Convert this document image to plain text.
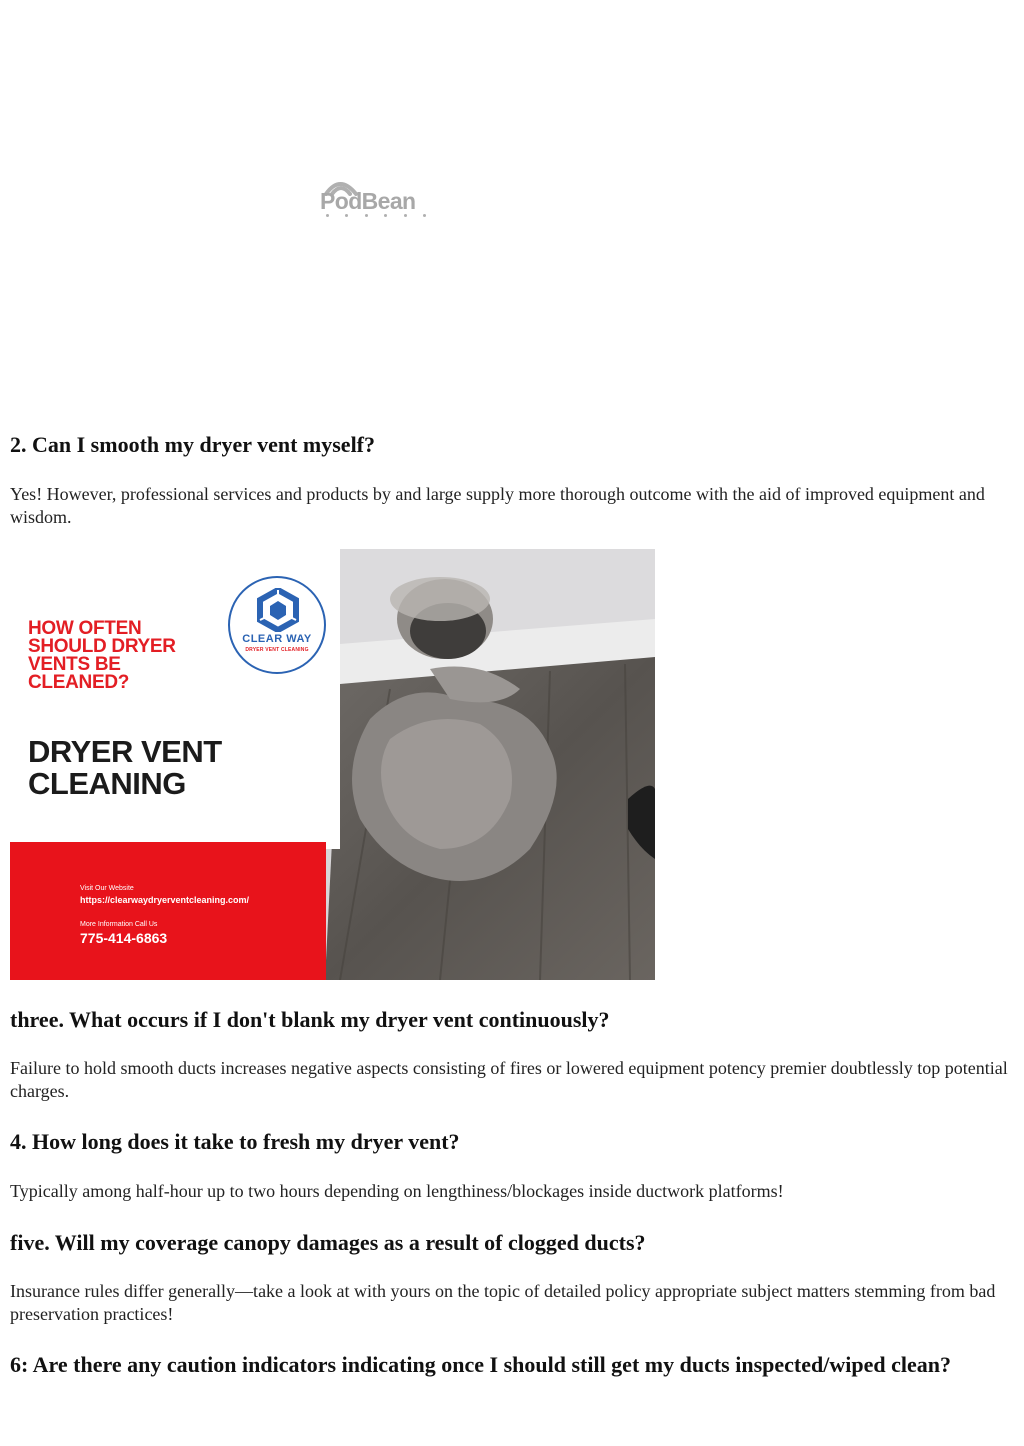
PodBean
2. Can I smooth my dryer vent myself?

Yes! However, professional services and products by and large supply more thorough outcome with the aid of improved equipment and wisdom.

HOW OFTEN
SHOULD DRYER
VENTS BE
CLEANED?
DRYER VENT
CLEANING
CLEAR WAY
DRYER VENT CLEANING
Visit Our Website
https://clearwaydryerventcleaning.com/
More Information Call Us
775-414-6863
three. What occurs if I don't blank my dryer vent continuously?

Failure to hold smooth ducts increases negative aspects consisting of fires or lowered equipment potency premier doubtlessly top potential charges.

4. How long does it take to fresh my dryer vent?

Typically among half-hour up to two hours depending on lengthiness/blockages inside ductwork platforms!

five. Will my coverage canopy damages as a result of clogged ducts?

Insurance rules differ generally—take a look at with yours on the topic of detailed policy appropriate subject matters stemming from bad preservation practices!

6: Are there any caution indicators indicating once I should still get my ducts inspected/wiped clean?
